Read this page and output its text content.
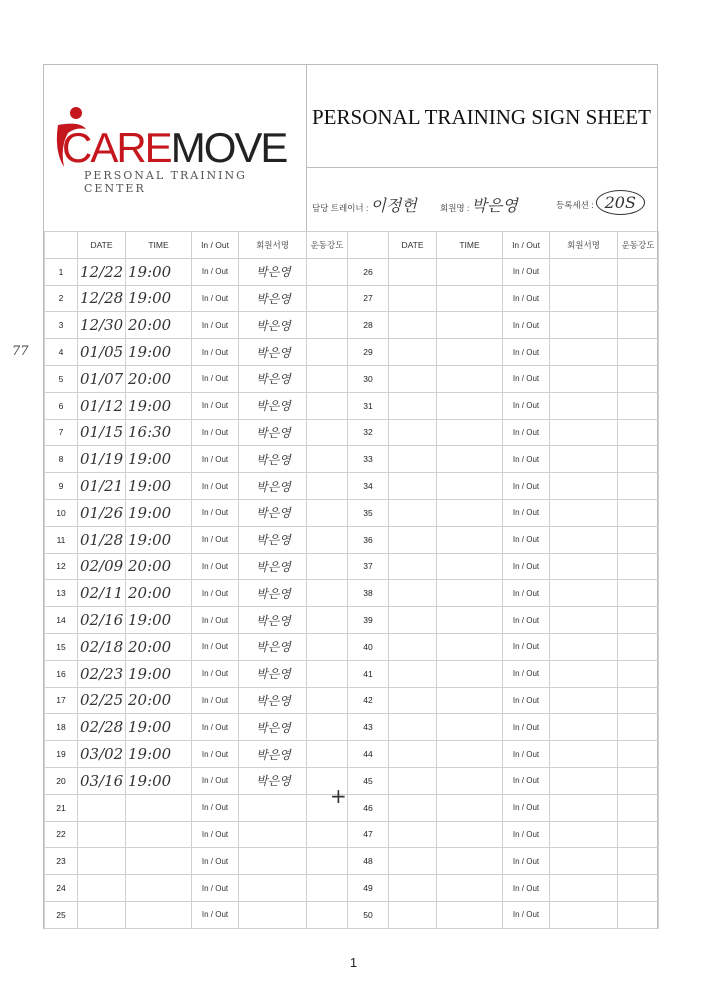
CAREMOVE
PERSONAL TRAINING CENTER
PERSONAL TRAINING SIGN SHEET
담당 트레이너 : 이정헌	회원명 : 박은영	등록세션 : 20S
	DATE	TIME	In / Out	회원서명	운동강도		DATE	TIME	In / Out	회원서명	운동강도
1	12/22	19:00	In / Out	박은영		26			In / Out		
2	12/28	19:00	In / Out	박은영		27			In / Out		
3	12/30	20:00	In / Out	박은영		28			In / Out		
4	01/05	19:00	In / Out	박은영		29			In / Out		
5	01/07	20:00	In / Out	박은영		30			In / Out		
6	01/12	19:00	In / Out	박은영		31			In / Out		
7	01/15	16:30	In / Out	박은영		32			In / Out		
8	01/19	19:00	In / Out	박은영		33			In / Out		
9	01/21	19:00	In / Out	박은영		34			In / Out		
10	01/26	19:00	In / Out	박은영		35			In / Out		
11	01/28	19:00	In / Out	박은영		36			In / Out		
12	02/09	20:00	In / Out	박은영		37			In / Out		
13	02/11	20:00	In / Out	박은영		38			In / Out		
14	02/16	19:00	In / Out	박은영		39			In / Out		
15	02/18	20:00	In / Out	박은영		40			In / Out		
16	02/23	19:00	In / Out	박은영		41			In / Out		
17	02/25	20:00	In / Out	박은영		42			In / Out		
18	02/28	19:00	In / Out	박은영		43			In / Out		
19	03/02	19:00	In / Out	박은영		44			In / Out		
20	03/16	19:00	In / Out	박은영		45			In / Out		
21			In / Out			46			In / Out		
22			In / Out			47			In / Out		
23			In / Out			48			In / Out		
24			In / Out			49			In / Out		
25			In / Out			50			In / Out		
77
+
1
